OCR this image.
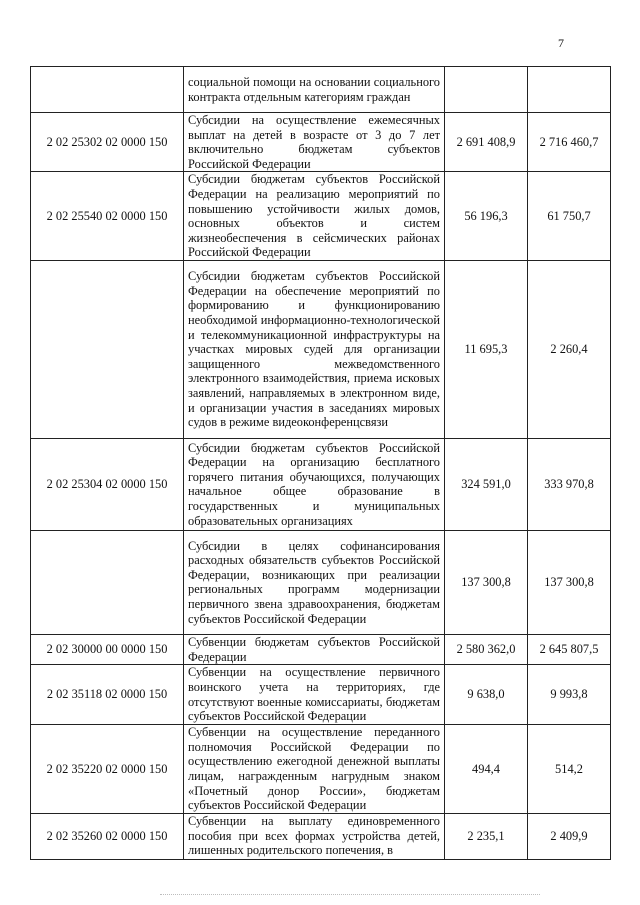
7
	социальной помощи на основании социального контракта отдельным категориям граждан		
2 02 25302 02 0000 150	Субсидии на осуществление ежемесячных выплат на детей в возрасте от 3 до 7 лет включительно бюджетам субъектов Российской Федерации	2 691 408,9	2 716 460,7
2 02 25540 02 0000 150	Субсидии бюджетам субъектов Российской Федерации на реализацию мероприятий по повышению устойчивости жилых домов, основных объектов и систем жизнеобеспечения в сейсмических районах Российской Федерации	56 196,3	61 750,7
	Субсидии бюджетам субъектов Российской Федерации на обеспечение мероприятий по формированию и функционированию необходимой информационно-технологической и телекоммуникационной инфраструктуры на участках мировых судей для организации защищенного межведомственного электронного взаимодействия, приема исковых заявлений, направляемых в электронном виде, и организации участия в заседаниях мировых судов в режиме видеоконференцсвязи	11 695,3	2 260,4
2 02 25304 02 0000 150	Субсидии бюджетам субъектов Российской Федерации на организацию бесплатного горячего питания обучающихся, получающих начальное общее образование в государственных и муниципальных образовательных организациях	324 591,0	333 970,8
	Субсидии в целях софинансирования расходных обязательств субъектов Российской Федерации, возникающих при реализации региональных программ модернизации первичного звена здравоохранения, бюджетам субъектов Российской Федерации	137 300,8	137 300,8
2 02 30000 00 0000 150	Субвенции бюджетам субъектов Российской Федерации	2 580 362,0	2 645 807,5
2 02 35118 02 0000 150	Субвенции на осуществление первичного воинского учета на территориях, где отсутствуют военные комиссариаты, бюджетам субъектов Российской Федерации	9 638,0	9 993,8
2 02 35220 02 0000 150	Субвенции на осуществление переданного полномочия Российской Федерации по осуществлению ежегодной денежной выплаты лицам, награжденным нагрудным знаком «Почетный донор России», бюджетам субъектов Российской Федерации	494,4	514,2
2 02 35260 02 0000 150	Субвенции на выплату единовременного пособия при всех формах устройства детей, лишенных родительского попечения, в	2 235,1	2 409,9
